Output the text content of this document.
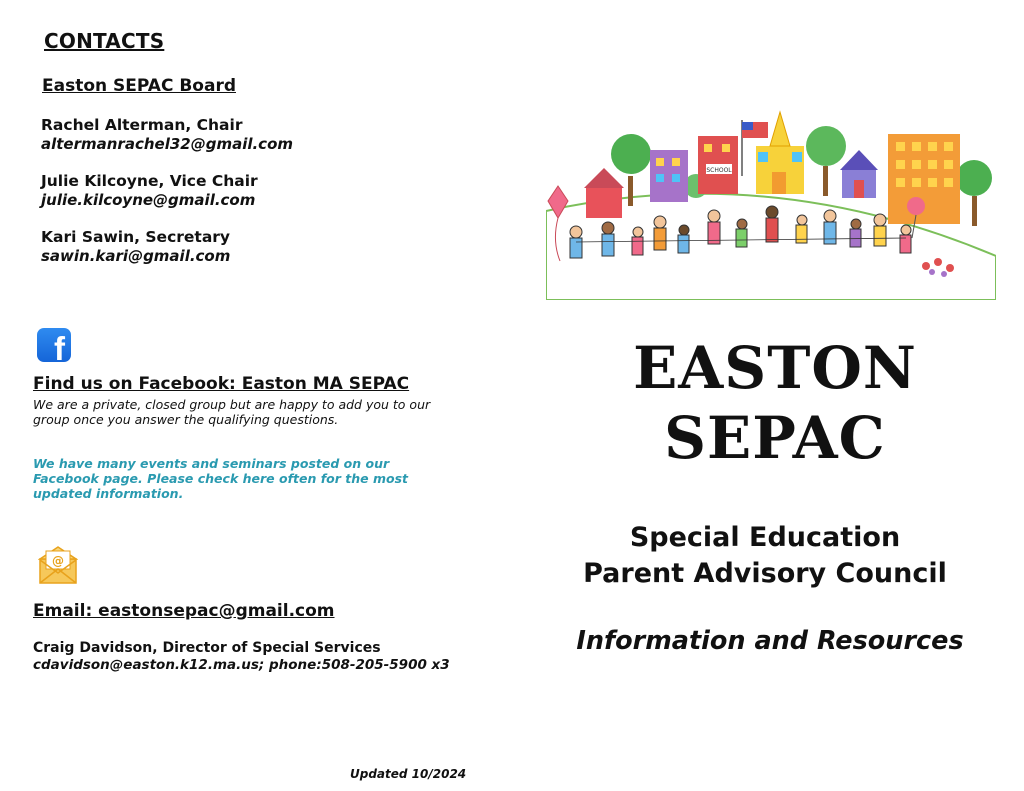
CONTACTS
Easton SEPAC Board
Rachel Alterman, Chair
altermanrachel32@gmail.com
Julie Kilcoyne, Vice Chair
julie.kilcoyne@gmail.com
Kari Sawin, Secretary
sawin.kari@gmail.com
f
Find us on Facebook: Easton MA SEPAC
We are a private, closed group but are happy to add you to our group once you answer the qualifying questions.
We have many events and seminars posted on our Facebook page. Please check here often for the most updated information.
@
Email: eastonsepac@gmail.com
Craig Davidson, Director of Special Services
cdavidson@easton.k12.ma.us; phone:508-205-5900 x3
Updated 10/2024
SCHOOL
EASTON
SEPAC
Special Education
Parent Advisory Council
Information and Resources
